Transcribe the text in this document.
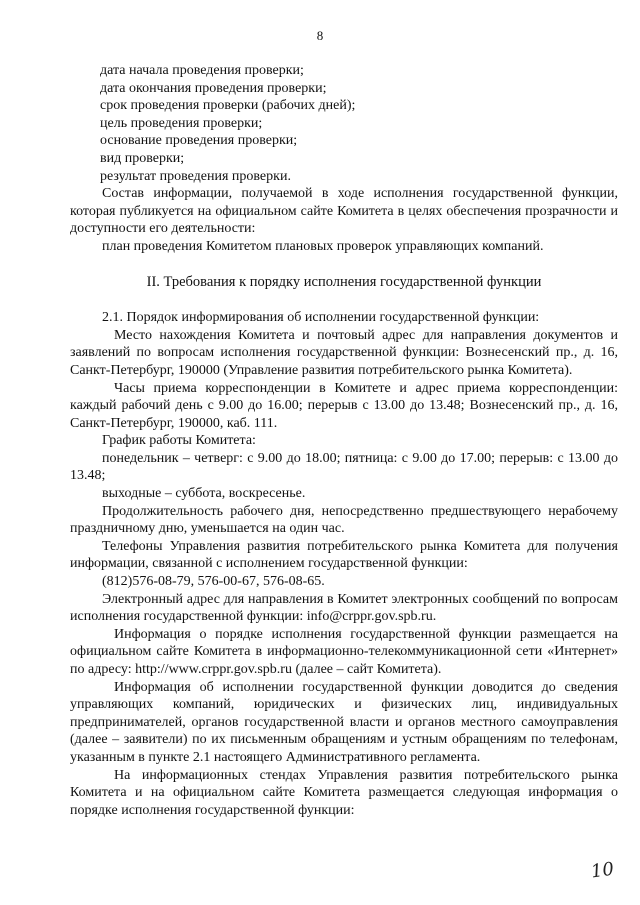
8

дата начала проведения проверки;

дата окончания проведения проверки;

срок проведения проверки (рабочих дней);

цель проведения проверки;

основание проведения проверки;

вид проверки;

результат проведения проверки.

Состав информации, получаемой в ходе исполнения государственной функции, которая публикуется на официальном сайте Комитета в целях обеспечения прозрачности и доступности его деятельности:

план проведения Комитетом плановых проверок управляющих компаний.

II. Требования к порядку исполнения государственной функции

2.1. Порядок информирования об исполнении государственной функции:

Место нахождения Комитета и почтовый адрес для направления документов и заявлений по вопросам исполнения государственной функции: Вознесенский пр., д. 16, Санкт-Петербург, 190000 (Управление развития потребительского рынка Комитета).

Часы приема корреспонденции в Комитете и адрес приема корреспонденции: каждый рабочий день с 9.00 до 16.00; перерыв с 13.00 до 13.48; Вознесенский пр., д. 16, Санкт-Петербург, 190000, каб. 111.

График работы Комитета:

понедельник – четверг: с 9.00 до 18.00; пятница: с 9.00 до 17.00; перерыв: с 13.00 до 13.48;

выходные – суббота, воскресенье.

Продолжительность рабочего дня, непосредственно предшествующего нерабочему праздничному дню, уменьшается на один час.

Телефоны Управления развития потребительского рынка Комитета для получения информации, связанной с исполнением государственной функции:

(812)576-08-79, 576-00-67, 576-08-65.

Электронный адрес для направления в Комитет электронных сообщений по вопросам исполнения государственной функции: info@crppr.gov.spb.ru.

Информация о порядке исполнения государственной функции размещается на официальном сайте Комитета в информационно-телекоммуникационной сети «Интернет» по адресу: http://www.crppr.gov.spb.ru (далее – сайт Комитета).

Информация об исполнении государственной функции доводится до сведения управляющих компаний, юридических и физических лиц, индивидуальных предпринимателей, органов государственной власти и органов местного самоуправления (далее – заявители) по их письменным обращениям и устным обращениям по телефонам, указанным в пункте 2.1 настоящего Административного регламента.

На информационных стендах Управления развития потребительского рынка Комитета и на официальном сайте Комитета размещается следующая информация о порядке исполнения государственной функции:

10
